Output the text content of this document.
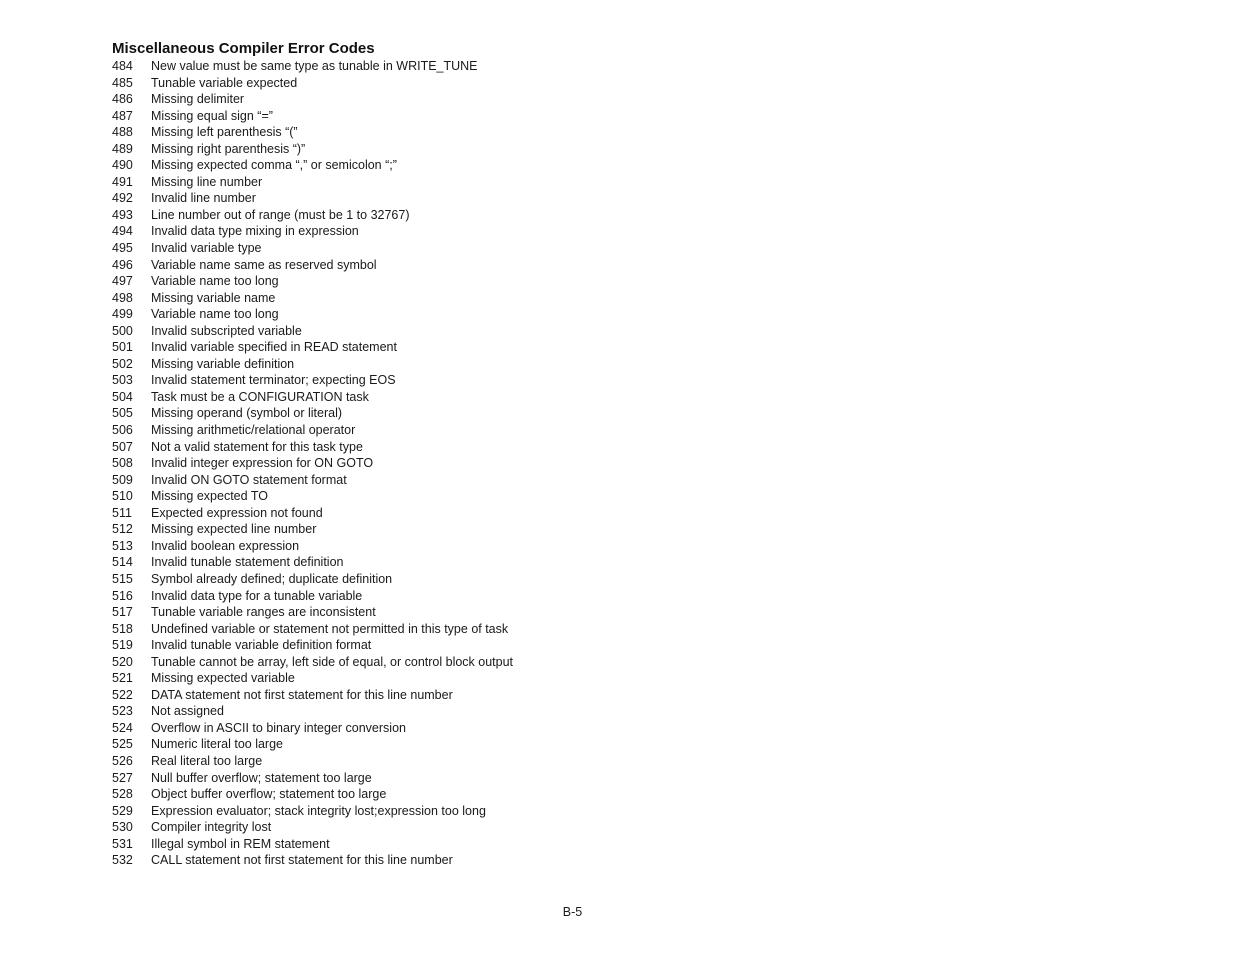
Miscellaneous Compiler Error Codes
484	New value must be same type as tunable in WRITE_TUNE
485	Tunable variable expected
486	Missing delimiter
487	Missing equal sign “=”
488	Missing left parenthesis “(”
489	Missing right parenthesis “)”
490	Missing expected comma “,” or semicolon “;”
491	Missing line number
492	Invalid line number
493	Line number out of range (must be 1 to 32767)
494	Invalid data type mixing in expression
495	Invalid variable type
496	Variable name same as reserved symbol
497	Variable name too long
498	Missing variable name
499	Variable name too long
500	Invalid subscripted variable
501	Invalid variable specified in READ statement
502	Missing variable definition
503	Invalid statement terminator; expecting EOS
504	Task must be a CONFIGURATION task
505	Missing operand (symbol or literal)
506	Missing arithmetic/relational operator
507	Not a valid statement for this task type
508	Invalid integer expression for ON GOTO
509	Invalid ON GOTO statement format
510	Missing expected TO
511	Expected expression not found
512	Missing expected line number
513	Invalid boolean expression
514	Invalid tunable statement definition
515	Symbol already defined; duplicate definition
516	Invalid data type for a tunable variable
517	Tunable variable ranges are inconsistent
518	Undefined variable or statement not permitted in this type of task
519	Invalid tunable variable definition format
520	Tunable cannot be array, left side of equal, or control block output
521	Missing expected variable
522	DATA statement not first statement for this line number
523	Not assigned
524	Overflow in ASCII to binary integer conversion
525	Numeric literal too large
526	Real literal too large
527	Null buffer overflow; statement too large
528	Object buffer overflow; statement too large
529	Expression evaluator; stack integrity lost;expression too long
530	Compiler integrity lost
531	Illegal symbol in REM statement
532	CALL statement not first statement for this line number
B-5
